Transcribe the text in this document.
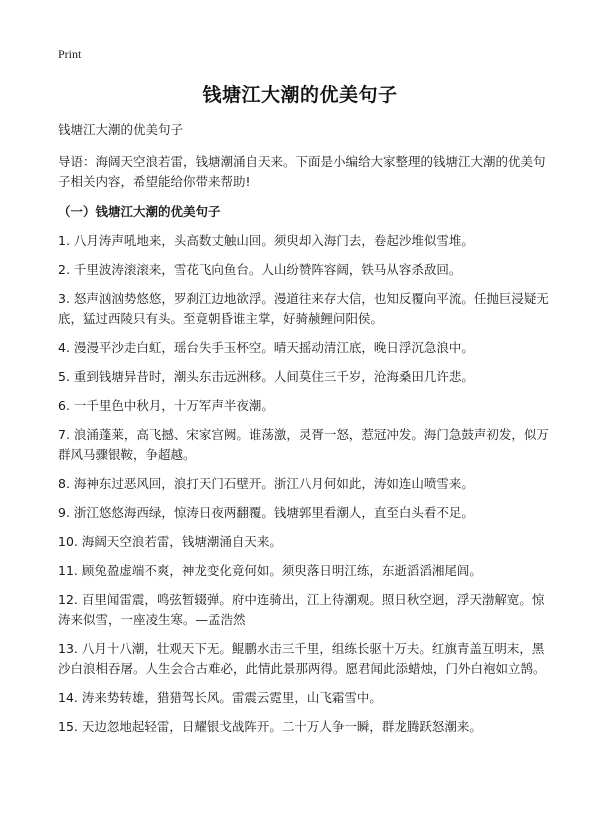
Print
钱塘江大潮的优美句子

钱塘江大潮的优美句子

导语：海阔天空浪若雷，钱塘潮涌自天来。下面是小编给大家整理的钱塘江大潮的优美句子相关内容，希望能给你带来帮助!

（一）钱塘江大潮的优美句子

1. 八月涛声吼地来，头高数丈触山回。须臾却入海门去，卷起沙堆似雪堆。
2. 千里波涛滚滚来，雪花飞向鱼台。人山纷赞阵容阔，铁马从容杀敌回。
3. 怒声汹汹势悠悠，罗刹江边地欲浮。漫道往来存大信，也知反覆向平流。任抛巨浸疑无底，猛过西陵只有头。至竟朝昏谁主掌，好骑赪鲤问阳侯。
4. 漫漫平沙走白虹，瑶台失手玉杯空。晴天摇动清江底，晚日浮沉急浪中。
5. 重到钱塘异昔时，潮头东击远洲移。人间莫住三千岁，沧海桑田几许悲。
6. 一千里色中秋月，十万军声半夜潮。
7. 浪涌蓬莱，高飞撼、宋家宫阙。谁荡激，灵胥一怒，惹冠冲发。海门急鼓声初发，似万群风马骤银鞍，争超越。
8. 海神东过恶风回，浪打天门石壁开。浙江八月何如此，涛如连山喷雪来。
9. 浙江悠悠海西绿，惊涛日夜两翻覆。钱塘郭里看潮人，直至白头看不足。
10. 海阔天空浪若雷，钱塘潮涌自天来。
11. 顾兔盈虚端不爽，神龙变化竟何如。须臾落日明江练，东逝滔滔湘尾闾。
12. 百里闻雷震，鸣弦暂辍弹。府中连骑出，江上待潮观。照日秋空迥，浮天渤解宽。惊涛来似雪，一座凌生寒。—孟浩然
13. 八月十八潮，壮观天下无。鲲鹏水击三千里，组练长驱十万夫。红旗青盖互明末，黑沙白浪相吞屠。人生会合古难必，此情此景那两得。愿君闻此添蜡烛，门外白袍如立鹄。
14. 涛来势转雄，猎猎驾长风。雷震云霓里，山飞霜雪中。
15. 天边忽地起轻雷，日耀银戈战阵开。二十万人争一瞬，群龙腾跃怒潮来。
